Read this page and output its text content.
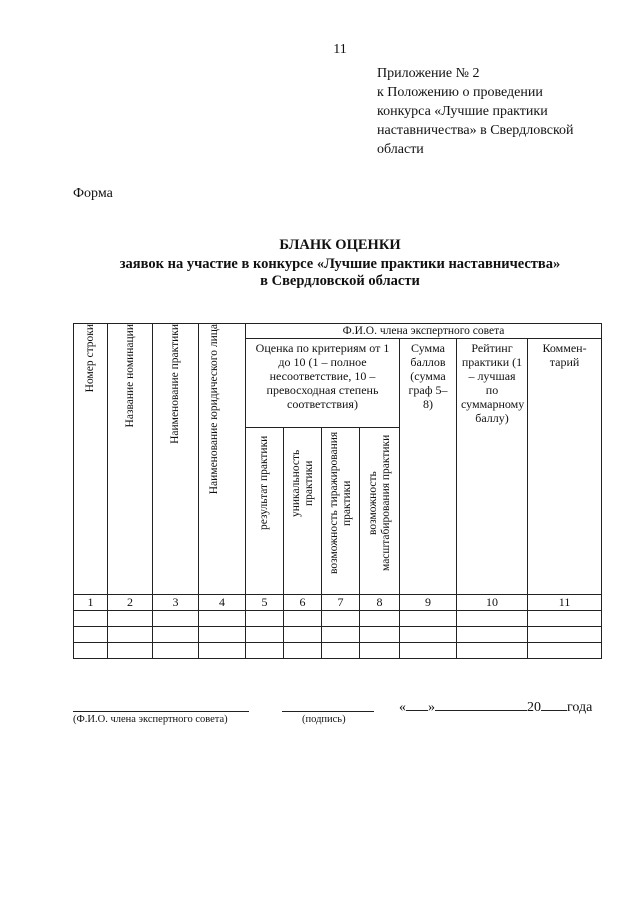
11
Приложение № 2
к Положению о проведении
конкурса «Лучшие практики
наставничества» в Свердловской
области
Форма
БЛАНК ОЦЕНКИ
заявок на участие в конкурсе «Лучшие практики наставничества»
в Свердловской области
Номер строки	Название номинации	Наименование практики	Наименование юридического лица	Ф.И.О. члена экспертного совета						

				Оценка по критериям от 1 до 10 (1 – полное несоответствие, 10 – превосходная степень соответствия)				Сумма баллов (сумма граф 5–8)	Рейтинг практики (1 – лучшая по суммарному баллу)	Коммен-тарий

				результат практики	уникальность практики	возможность тиражирования практики	возможность масштабирования практики			

1	2	3	4	5	6	7	8	9	10	11

(Ф.И.О. члена экспертного совета)	(подпись)
« »	20 года
